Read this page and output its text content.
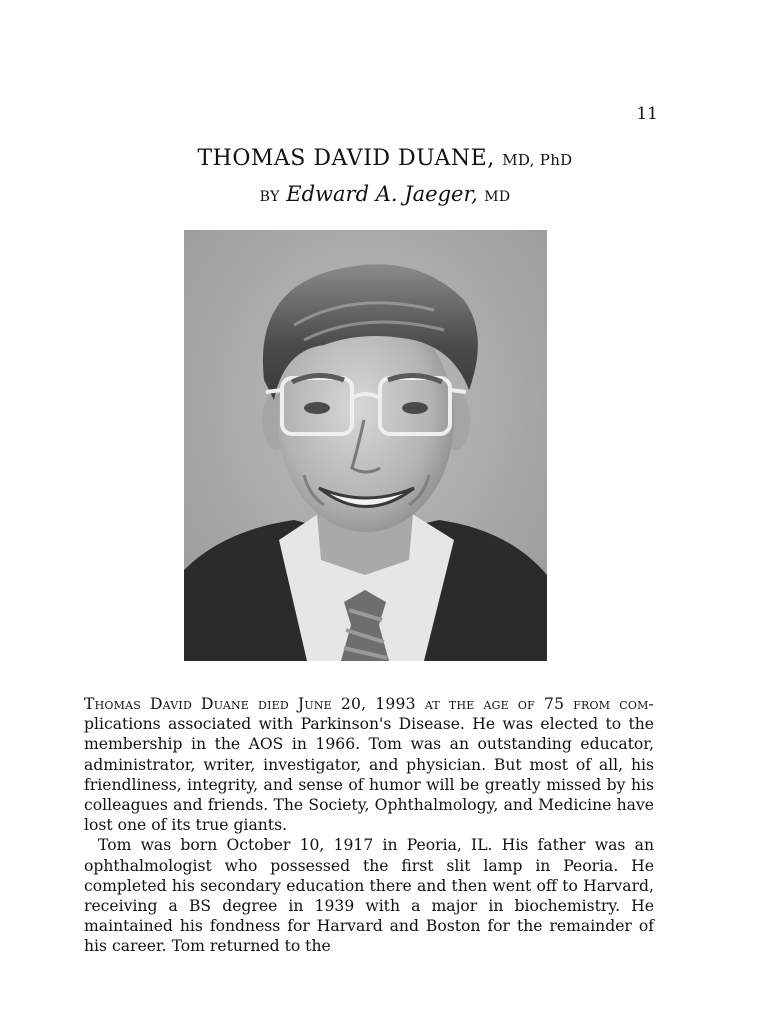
11
THOMAS DAVID DUANE, MD, PhD
BY Edward A. Jaeger, MD

Thomas David Duane died June 20, 1993 at the age of 75 from com- plications associated with Parkinson's Disease. He was elected to the membership in the AOS in 1966. Tom was an outstanding educator, administrator, writer, investigator, and physician. But most of all, his friendliness, integrity, and sense of humor will be greatly missed by his colleagues and friends. The Society, Ophthalmology, and Medicine have lost one of its true giants.

Tom was born October 10, 1917 in Peoria, IL. His father was an ophthalmologist who possessed the first slit lamp in Peoria. He completed his secondary education there and then went off to Harvard, receiving a BS degree in 1939 with a major in biochemistry. He maintained his fondness for Harvard and Boston for the remainder of his career. Tom returned to the
